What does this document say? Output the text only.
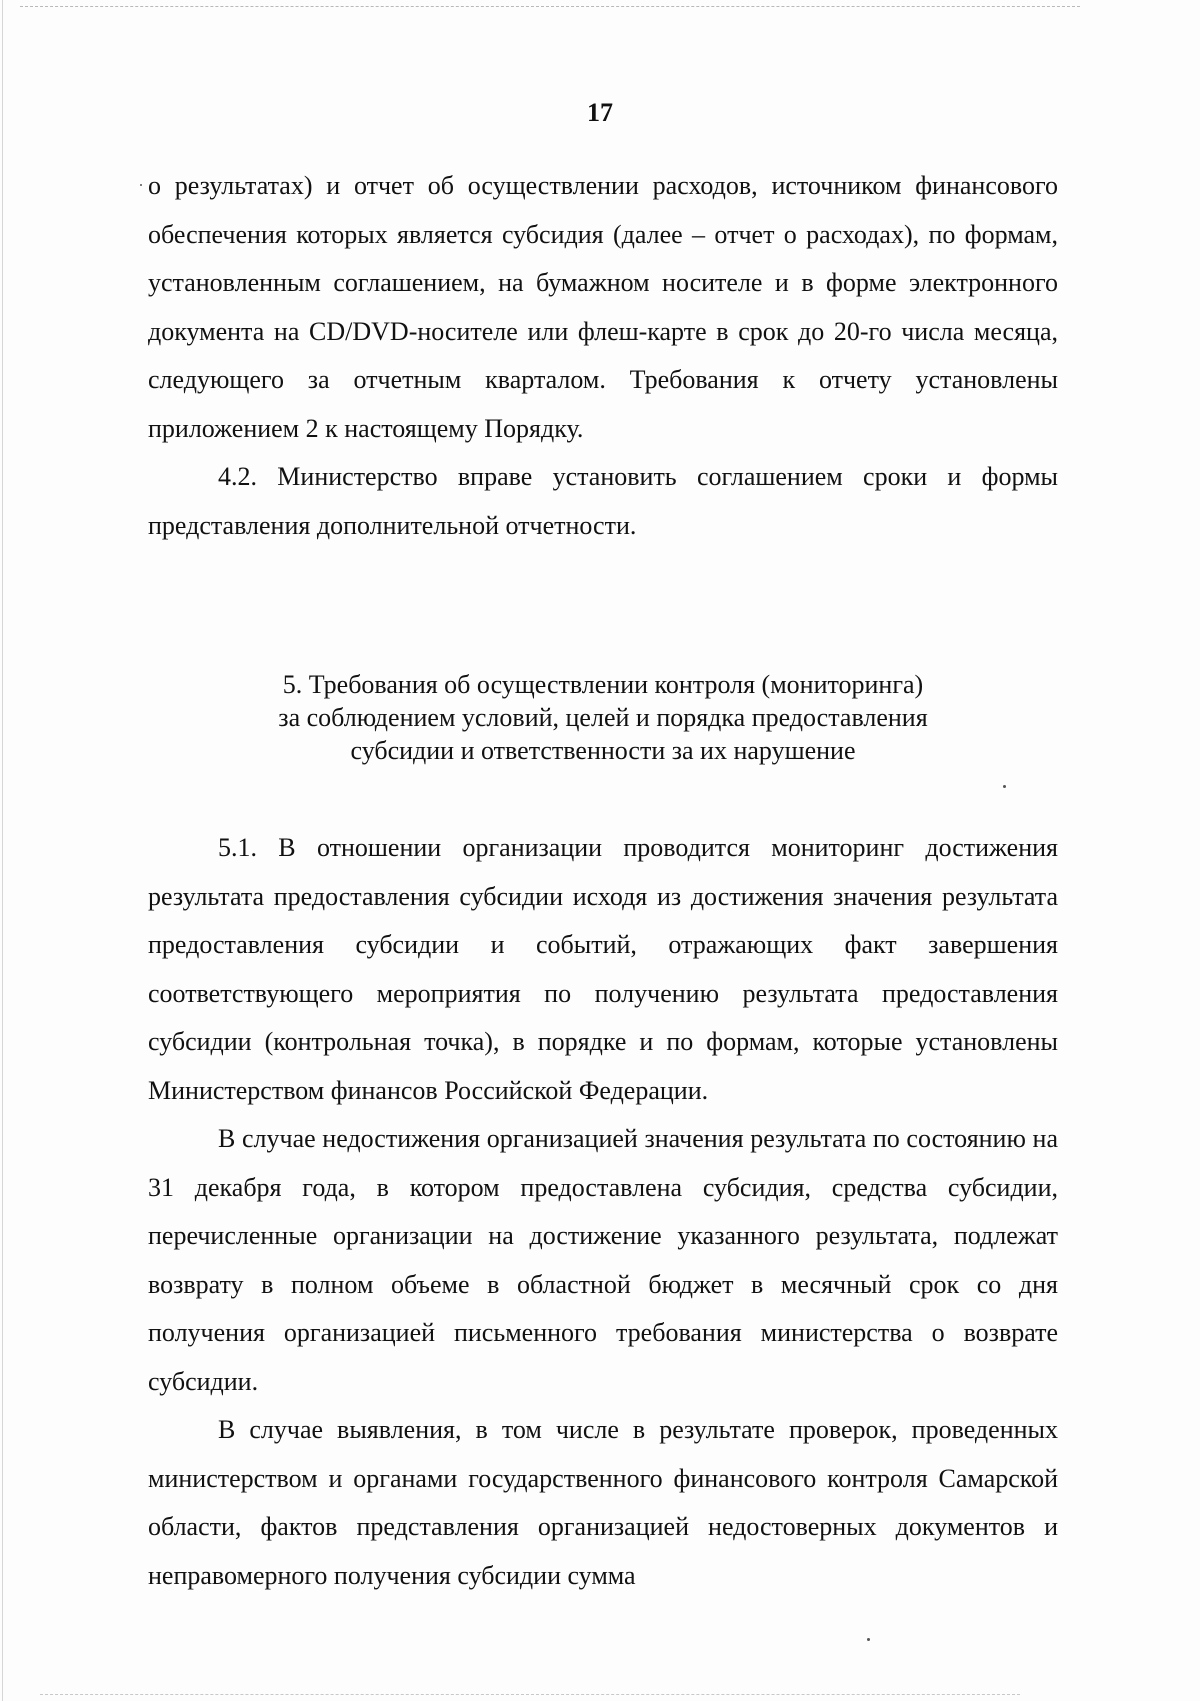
17

о результатах) и отчет об осуществлении расходов, источником финансового обеспечения которых является субсидия (далее – отчет о расходах), по формам, установленным соглашением, на бумажном носителе и в форме электронного документа на CD/DVD-носителе или флеш-карте в срок до 20-го числа месяца, следующего за отчетным кварталом. Требования к отчету установлены приложением 2 к настоящему Порядку.

4.2. Министерство вправе установить соглашением сроки и формы представления дополнительной отчетности.

5. Требования об осуществлении контроля (мониторинга)
за соблюдением условий, целей и порядка предоставления
субсидии и ответственности за их нарушение

5.1. В отношении организации проводится мониторинг достижения результата предоставления субсидии исходя из достижения значения результата предоставления субсидии и событий, отражающих факт завершения соответствующего мероприятия по получению результата предоставления субсидии (контрольная точка), в порядке и по формам, которые установлены Министерством финансов Российской Федерации.

В случае недостижения организацией значения результата по состоянию на 31 декабря года, в котором предоставлена субсидия, средства субсидии, перечисленные организации на достижение указанного результата, подлежат возврату в полном объеме в областной бюджет в месячный срок со дня получения организацией письменного требования министерства о возврате субсидии.

В случае выявления, в том числе в результате проверок, проведенных министерством и органами государственного финансового контроля Самарской области, фактов представления организацией недостоверных документов и неправомерного получения субсидии сумма
